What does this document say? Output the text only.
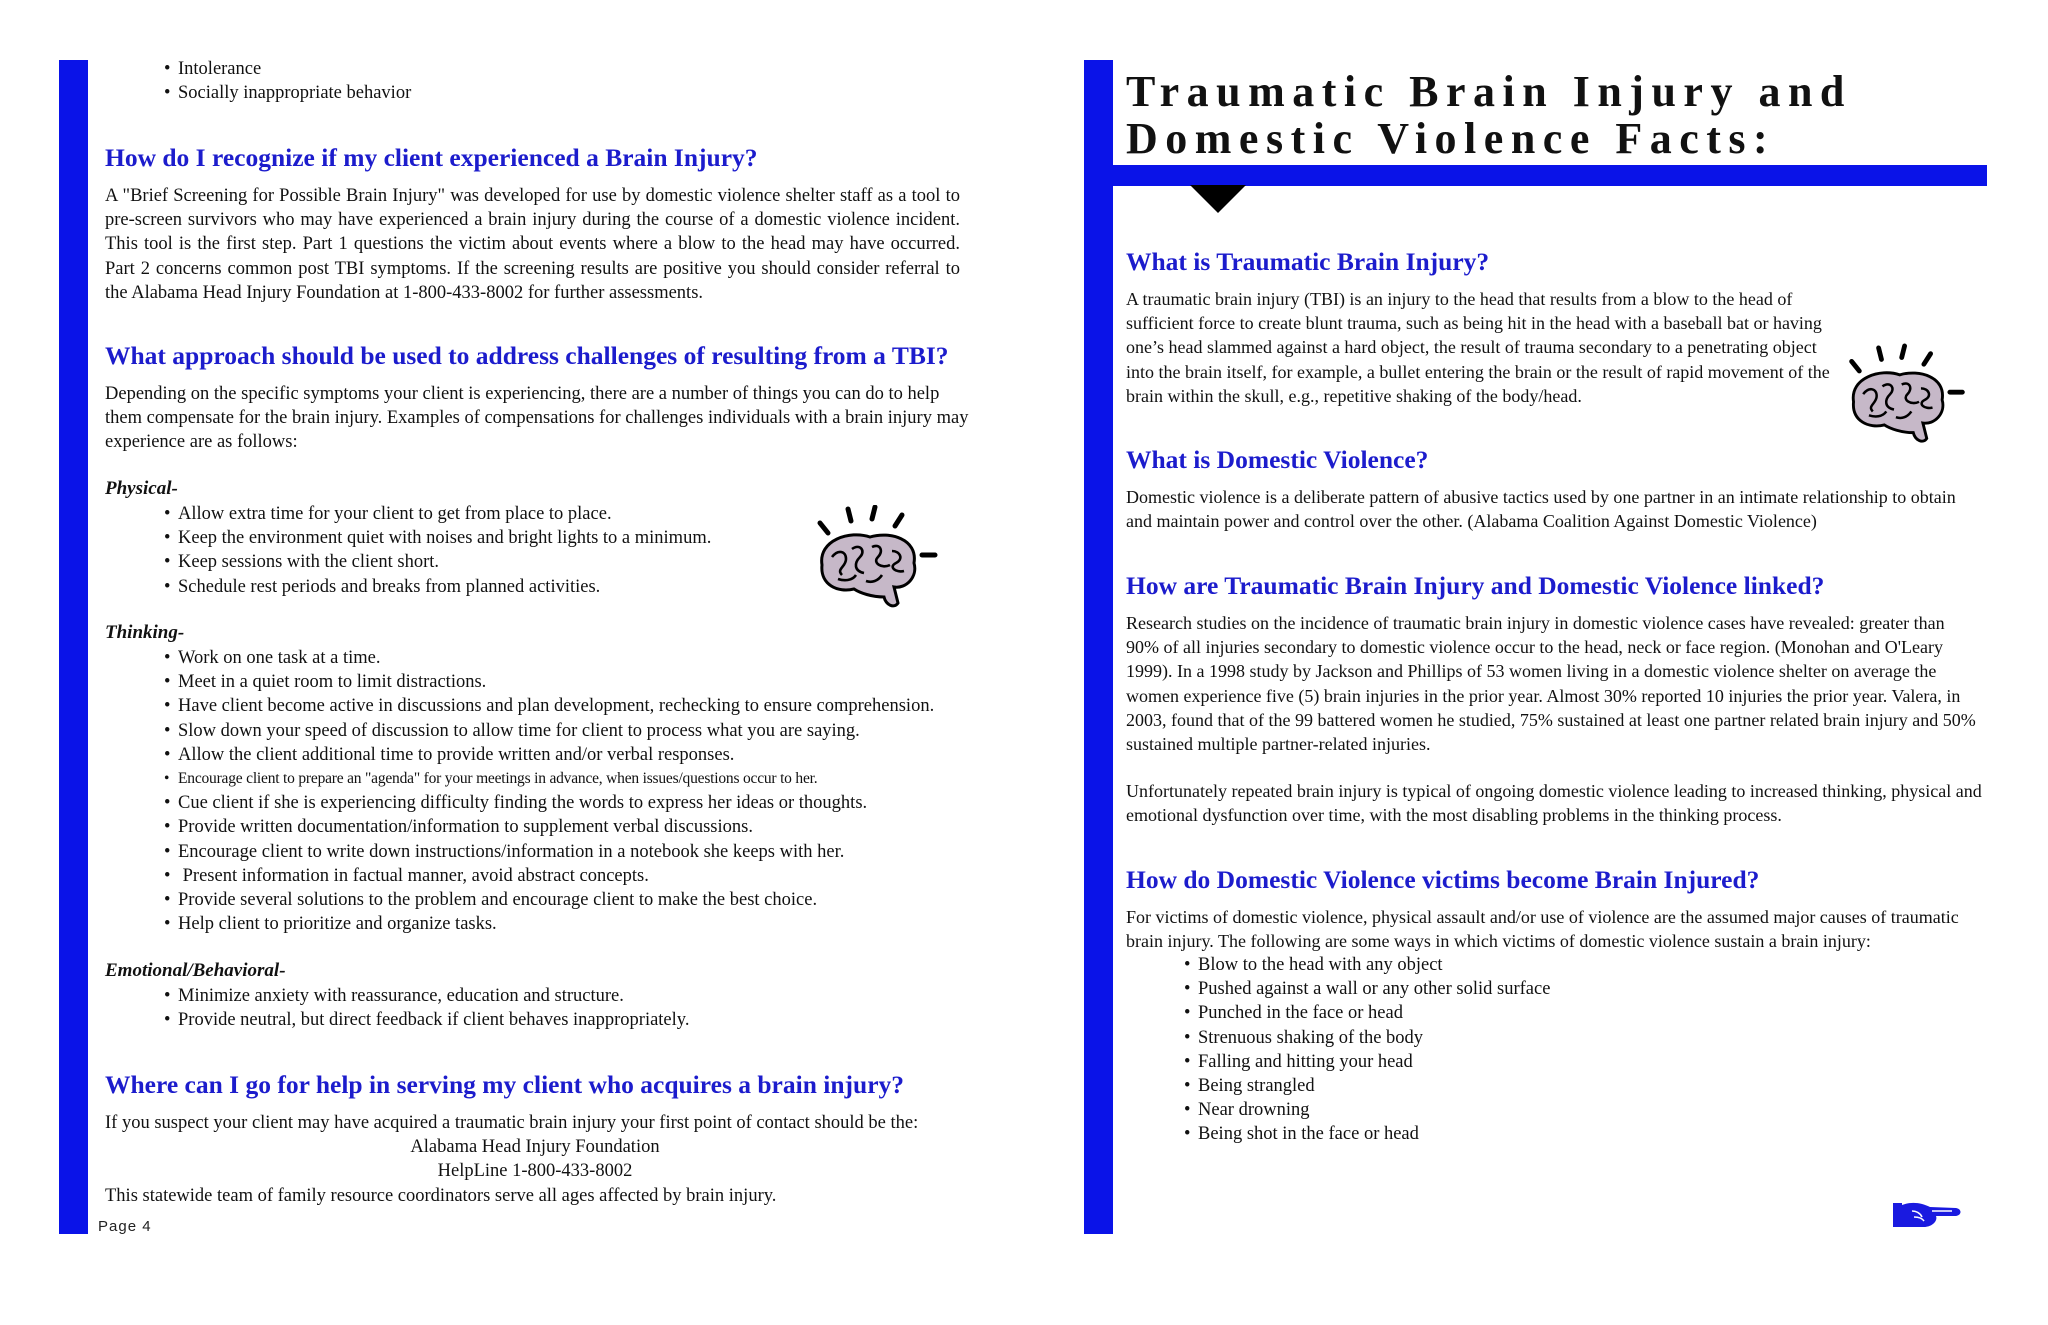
• Intolerance
• Socially inappropriate behavior
How do I recognize if my client experienced a Brain Injury?

A "Brief Screening for Possible Brain Injury" was developed for use by domestic violence shelter staff as a tool to pre-screen survivors who may have experienced a brain injury during the course of a domestic violence incident. This tool is the first step. Part 1 questions the victim about events where a blow to the head may have occurred. Part 2 concerns common post TBI symptoms. If the screening results are positive you should consider referral to the Alabama Head Injury Foundation at 1-800-433-8002 for further assessments.

What approach should be used to address challenges of resulting from a TBI?

Depending on the specific symptoms your client is experiencing, there are a number of things you can do to help them compensate for the brain injury. Examples of compensations for challenges individuals with a brain injury may experience are as follows:

Physical-

• Allow extra time for your client to get from place to place.
• Keep the environment quiet with noises and bright lights to a minimum.
• Keep sessions with the client short.
• Schedule rest periods and breaks from planned activities.

Thinking-

• Work on one task at a time.
• Meet in a quiet room to limit distractions.
• Have client become active in discussions and plan development, rechecking to ensure comprehension.
• Slow down your speed of discussion to allow time for client to process what you are saying.
• Allow the client additional time to provide written and/or verbal responses.
• Encourage client to prepare an "agenda" for your meetings in advance, when issues/questions occur to her.
• Cue client if she is experiencing difficulty finding the words to express her ideas or thoughts.
• Provide written documentation/information to supplement verbal discussions.
• Encourage client to write down instructions/information in a notebook she keeps with her.
• Present information in factual manner, avoid abstract concepts.
• Provide several solutions to the problem and encourage client to make the best choice.
• Help client to prioritize and organize tasks.

Emotional/Behavioral-

• Minimize anxiety with reassurance, education and structure.
• Provide neutral, but direct feedback if client behaves inappropriately.
Where can I go for help in serving my client who acquires a brain injury?
If you suspect your client may have acquired a traumatic brain injury your first point of contact should be the:
Alabama Head Injury Foundation
HelpLine 1-800-433-8002
This statewide team of family resource coordinators serve all ages affected by brain injury.
Page 4
Traumatic Brain Injury and
Domestic Violence Facts:
What is Traumatic Brain Injury?

A traumatic brain injury (TBI) is an injury to the head that results from a blow to the head of sufficient force to create blunt trauma, such as being hit in the head with a baseball bat or having one’s head slammed against a hard object, the result of trauma secondary to a penetrating object into the brain itself, for example, a bullet entering the brain or the result of rapid movement of the brain within the skull, e.g., repetitive shaking of the body/head.

What is Domestic Violence?

Domestic violence is a deliberate pattern of abusive tactics used by one partner in an intimate relationship to obtain and maintain power and control over the other. (Alabama Coalition Against Domestic Violence)

How are Traumatic Brain Injury and Domestic Violence linked?

Research studies on the incidence of traumatic brain injury in domestic violence cases have revealed: greater than 90% of all injuries secondary to domestic violence occur to the head, neck or face region. (Monohan and O'Leary 1999). In a 1998 study by Jackson and Phillips of 53 women living in a domestic violence shelter on average the women experience five (5) brain injuries in the prior year. Almost 30% reported 10 injuries the prior year. Valera, in 2003, found that of the 99 battered women he studied, 75% sustained at least one partner related brain injury and 50% sustained multiple partner-related injuries.

Unfortunately repeated brain injury is typical of ongoing domestic violence leading to increased thinking, physical and emotional dysfunction over time, with the most disabling problems in the thinking process.

How do Domestic Violence victims become Brain Injured?

For victims of domestic violence, physical assault and/or use of violence are the assumed major causes of traumatic brain injury. The following are some ways in which victims of domestic violence sustain a brain injury:

• Blow to the head with any object
• Pushed against a wall or any other solid surface
• Punched in the face or head
• Strenuous shaking of the body
• Falling and hitting your head
• Being strangled
• Near drowning
• Being shot in the face or head
